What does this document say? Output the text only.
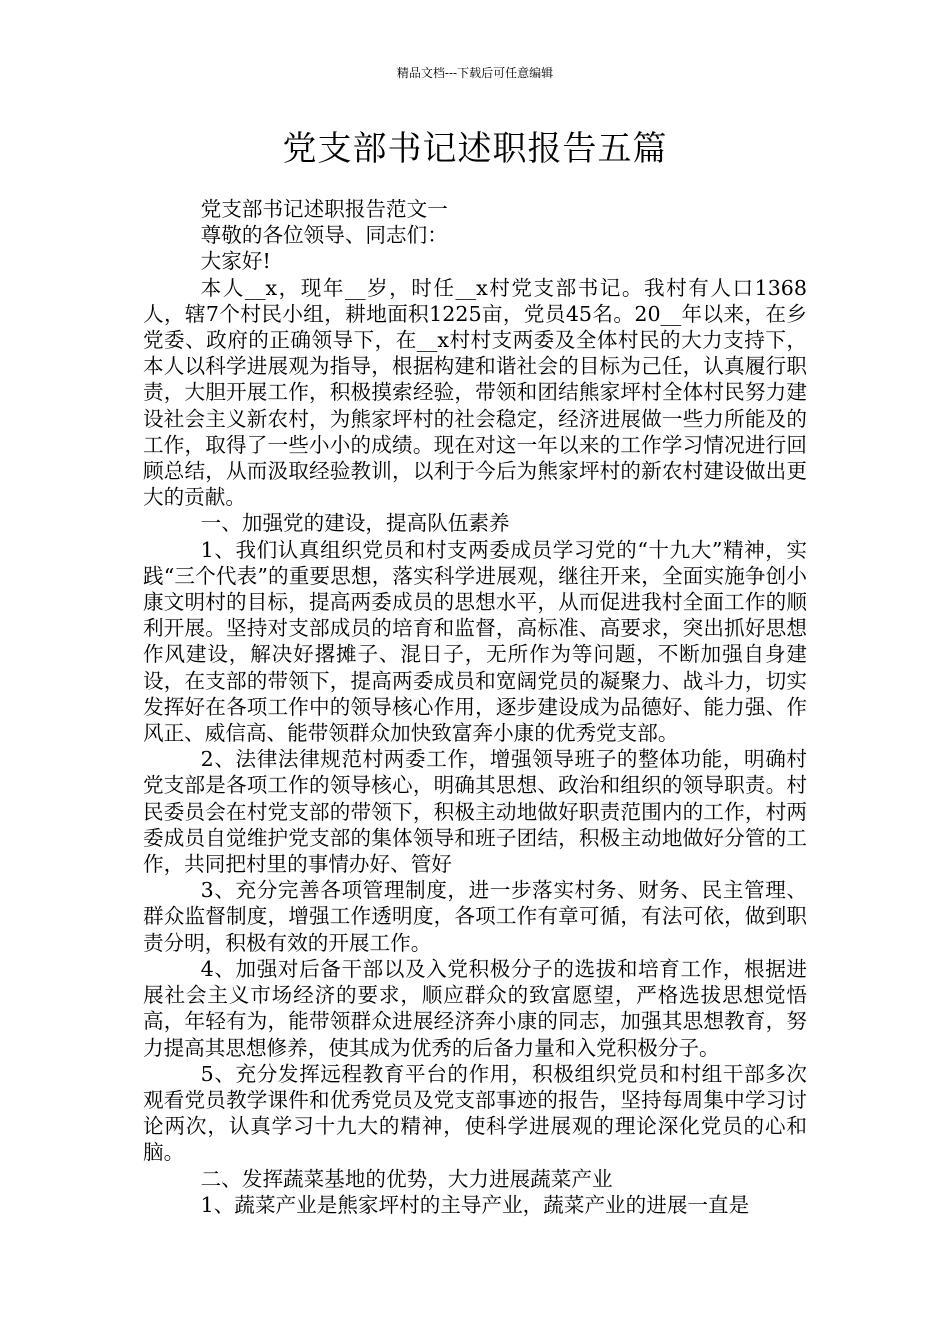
精品文档---下载后可任意编辑
党支部书记述职报告五篇

党支部书记述职报告范文一

尊敬的各位领导、同志们：

大家好!

本人__x，现年__岁，时任__x村党支部书记。我村有人口1368人，辖7个村民小组，耕地面积1225亩，党员45名。20__年以来，在乡党委、政府的正确领导下，在__x村村支两委及全体村民的大力支持下，本人以科学进展观为指导，根据构建和谐社会的目标为己任，认真履行职责，大胆开展工作，积极摸索经验，带领和团结熊家坪村全体村民努力建设社会主义新农村，为熊家坪村的社会稳定，经济进展做一些力所能及的工作，取得了一些小小的成绩。现在对这一年以来的工作学习情况进行回顾总结，从而汲取经验教训，以利于今后为熊家坪村的新农村建设做出更大的贡献。

一、加强党的建设，提高队伍素养

1、我们认真组织党员和村支两委成员学习党的“十九大”精神，实践“三个代表”的重要思想，落实科学进展观，继往开来，全面实施争创小康文明村的目标，提高两委成员的思想水平，从而促进我村全面工作的顺利开展。坚持对支部成员的培育和监督，高标准、高要求，突出抓好思想作风建设，解决好撂摊子、混日子，无所作为等问题，不断加强自身建设，在支部的带领下，提高两委成员和宽阔党员的凝聚力、战斗力，切实发挥好在各项工作中的领导核心作用，逐步建设成为品德好、能力强、作风正、威信高、能带领群众加快致富奔小康的优秀党支部。

2、法律法律规范村两委工作，增强领导班子的整体功能，明确村党支部是各项工作的领导核心，明确其思想、政治和组织的领导职责。村民委员会在村党支部的带领下，积极主动地做好职责范围内的工作，村两委成员自觉维护党支部的集体领导和班子团结，积极主动地做好分管的工作，共同把村里的事情办好、管好

3、充分完善各项管理制度，进一步落实村务、财务、民主管理、群众监督制度，增强工作透明度，各项工作有章可循，有法可依，做到职责分明，积极有效的开展工作。

4、加强对后备干部以及入党积极分子的选拔和培育工作，根据进展社会主义市场经济的要求，顺应群众的致富愿望，严格选拔思想觉悟高，年轻有为，能带领群众进展经济奔小康的同志，加强其思想教育，努力提高其思想修养，使其成为优秀的后备力量和入党积极分子。

5、充分发挥远程教育平台的作用，积极组织党员和村组干部多次观看党员教学课件和优秀党员及党支部事迹的报告，坚持每周集中学习讨论两次，认真学习十九大的精神，使科学进展观的理论深化党员的心和脑。

二、发挥蔬菜基地的优势，大力进展蔬菜产业

1、蔬菜产业是熊家坪村的主导产业，蔬菜产业的进展一直是
